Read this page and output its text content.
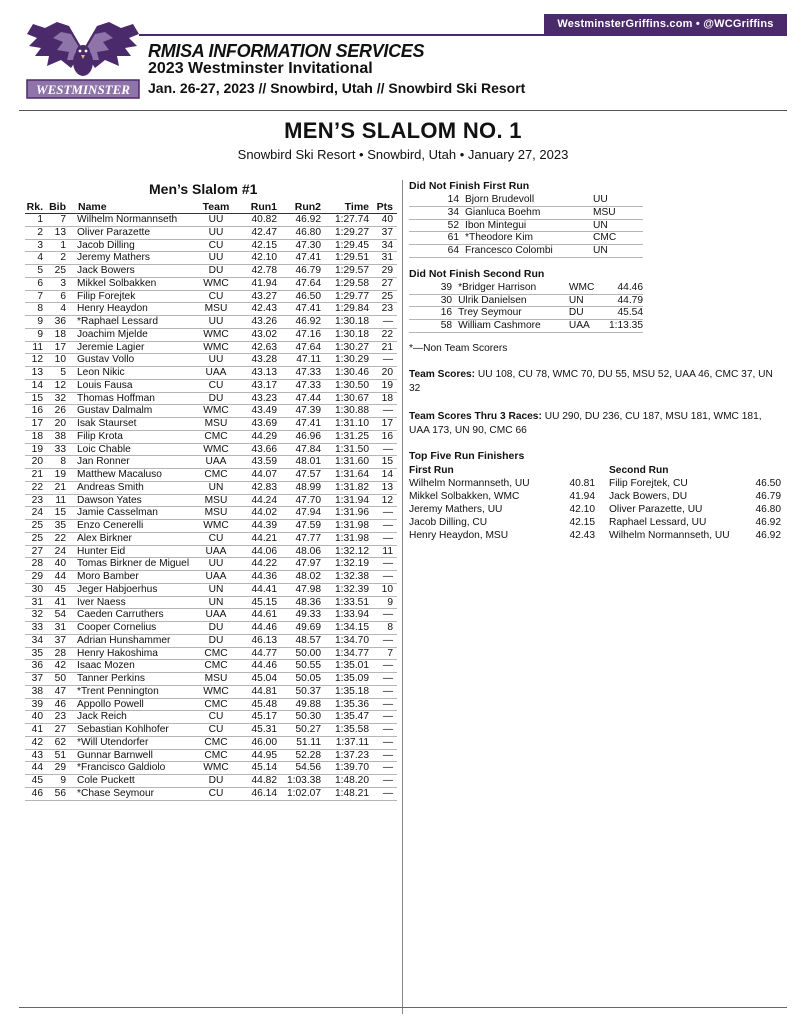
WestminsterGriffins.com • @WCGriffins
WESTMINSTER
RMISA INFORMATION SERVICES
2023 Westminster Invitational
Jan. 26-27, 2023 // Snowbird, Utah // Snowbird Ski Resort
MEN’S SLALOM NO. 1
Snowbird Ski Resort • Snowbird, Utah • January 27, 2023
Men’s Slalom #1
Rk. Bib	Name	Team	Run1	Run2	Time Pts
1	7	Wilhelm Normannseth	UU	40.82	46.92	1:27.74	40
2	13	Oliver Parazette	UU	42.47	46.80	1:29.27	37
3	1	Jacob Dilling	CU	42.15	47.30	1:29.45	34
4	2	Jeremy Mathers	UU	42.10	47.41	1:29.51	31
5	25	Jack Bowers	DU	42.78	46.79	1:29.57	29
6	3	Mikkel Solbakken	WMC	41.94	47.64	1:29.58	27
7	6	Filip Forejtek	CU	43.27	46.50	1:29.77	25
8	4	Henry Heaydon	MSU	42.43	47.41	1:29.84	23
9	36	*Raphael Lessard	UU	43.26	46.92	1:30.18	—
9	18	Joachim Mjelde	WMC	43.02	47.16	1:30.18	22
11	17	Jeremie Lagier	WMC	42.63	47.64	1:30.27	21
12	10	Gustav Vollo	UU	43.28	47.11	1:30.29	—
13	5	Leon Nikic	UAA	43.13	47.33	1:30.46	20
14	12	Louis Fausa	CU	43.17	47.33	1:30.50	19
15	32	Thomas Hoffman	DU	43.23	47.44	1:30.67	18
16	26	Gustav Dalmalm	WMC	43.49	47.39	1:30.88	—
17	20	Isak Staurset	MSU	43.69	47.41	1:31.10	17
18	38	Filip Krota	CMC	44.29	46.96	1:31.25	16
19	33	Loic Chable	WMC	43.66	47.84	1:31.50	—
20	8	Jan Ronner	UAA	43.59	48.01	1:31.60	15
21	19	Matthew Macaluso	CMC	44.07	47.57	1:31.64	14
22	21	Andreas Smith	UN	42.83	48.99	1:31.82	13
23	11	Dawson Yates	MSU	44.24	47.70	1:31.94	12
24	15	Jamie Casselman	MSU	44.02	47.94	1:31.96	—
25	35	Enzo Cenerelli	WMC	44.39	47.59	1:31.98	—
25	22	Alex Birkner	CU	44.21	47.77	1:31.98	—
27	24	Hunter Eid	UAA	44.06	48.06	1:32.12	11
28	40	Tomas Birkner de Miguel	UU	44.22	47.97	1:32.19	—
29	44	Moro Bamber	UAA	44.36	48.02	1:32.38	—
30	45	Jeger Habjoerhus	UN	44.41	47.98	1:32.39	10
31	41	Iver Naess	UN	45.15	48.36	1:33.51	9
32	54	Caeden Carruthers	UAA	44.61	49.33	1:33.94	—
33	31	Cooper Cornelius	DU	44.46	49.69	1:34.15	8
34	37	Adrian Hunshammer	DU	46.13	48.57	1:34.70	—
35	28	Henry Hakoshima	CMC	44.77	50.00	1:34.77	7
36	42	Isaac Mozen	CMC	44.46	50.55	1:35.01	—
37	50	Tanner Perkins	MSU	45.04	50.05	1:35.09	—
38	47	*Trent Pennington	WMC	44.81	50.37	1:35.18	—
39	46	Appollo Powell	CMC	45.48	49.88	1:35.36	—
40	23	Jack Reich	CU	45.17	50.30	1:35.47	—
41	27	Sebastian Kohlhofer	CU	45.31	50.27	1:35.58	—
42	62	*Will Utendorfer	CMC	46.00	51.11	1:37.11	—
43	51	Gunnar Barnwell	CMC	44.95	52.28	1:37.23	—
44	29	*Francisco Galdiolo	WMC	45.14	54.56	1:39.70	—
45	9	Cole Puckett	DU	44.82 1:03.38	1:48.20	—
46	56	*Chase Seymour	CU	46.14 1:02.07	1:48.21	—
Did Not Finish First Run
14 Bjorn Brudevoll	UU
34 Gianluca Boehm	MSU
52 Ibon Mintegui	UN
61 *Theodore Kim	CMC
64 Francesco Colombi	UN
Did Not Finish Second Run
39 *Bridger Harrison	WMC	44.46
30 Ulrik Danielsen	UN	44.79
16 Trey Seymour	DU	45.54
58 William Cashmore	UAA	1:13.35
*—Non Team Scorers
Team Scores: UU 108, CU 78, WMC 70, DU 55, MSU 52, UAA 46, CMC 37, UN 32
Team Scores Thru 3 Races: UU 290, DU 236, CU 187, MSU 181, WMC 181, UAA 173, UN 90, CMC 66
Top Five Run Finishers
First Run
Wilhelm Normannseth, UU	40.81
Mikkel Solbakken, WMC	41.94
Jeremy Mathers, UU	42.10
Jacob Dilling, CU	42.15
Henry Heaydon, MSU	42.43
Second Run
Filip Forejtek, CU	46.50
Jack Bowers, DU	46.79
Oliver Parazette, UU	46.80
Raphael Lessard, UU	46.92
Wilhelm Normannseth, UU	46.92
